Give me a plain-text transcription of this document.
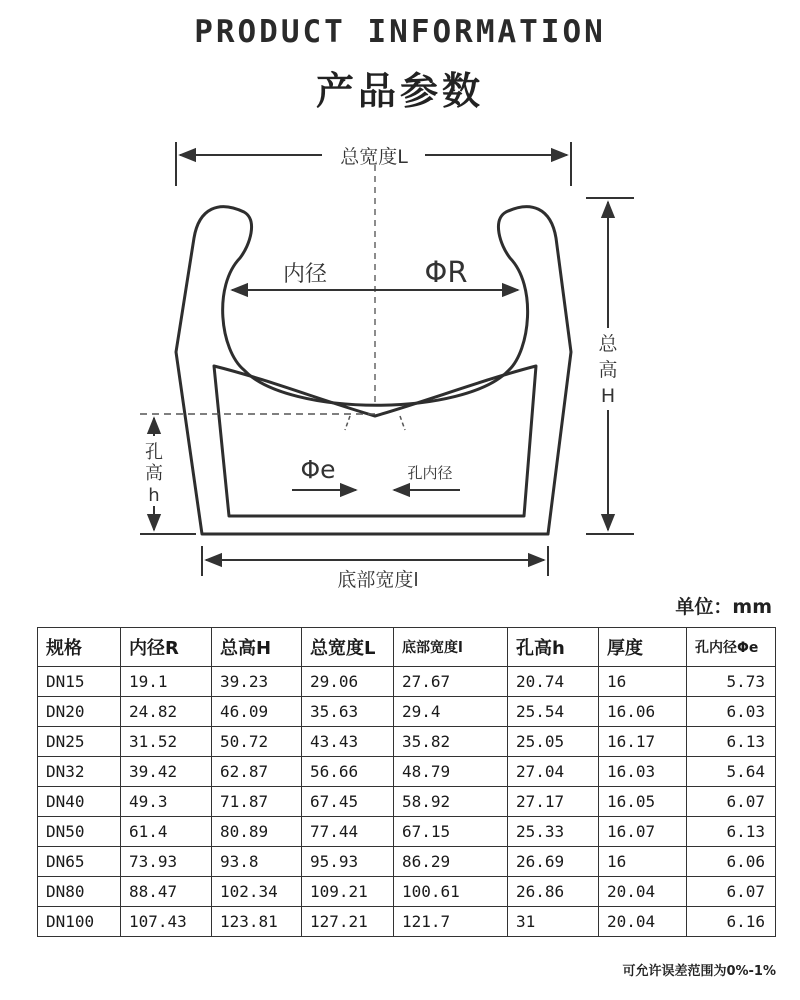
PRODUCT INFORMATION
产品参数
总宽度L
内径	ΦR
总
高
H
孔
高
h
Φe	孔内径
底部宽度l
单位：mm
规格	内径R	总高H	总宽度L	底部宽度l	孔高h	厚度	孔内径Φe
DN15	19.1	39.23	29.06	27.67	20.74	16	5.73
DN20	24.82	46.09	35.63	29.4	25.54	16.06	6.03
DN25	31.52	50.72	43.43	35.82	25.05	16.17	6.13
DN32	39.42	62.87	56.66	48.79	27.04	16.03	5.64
DN40	49.3	71.87	67.45	58.92	27.17	16.05	6.07
DN50	61.4	80.89	77.44	67.15	25.33	16.07	6.13
DN65	73.93	93.8	95.93	86.29	26.69	16	6.06
DN80	88.47	102.34	109.21	100.61	26.86	20.04	6.07
DN100	107.43	123.81	127.21	121.7	31	20.04	6.16
可允许误差范围为0%-1%
